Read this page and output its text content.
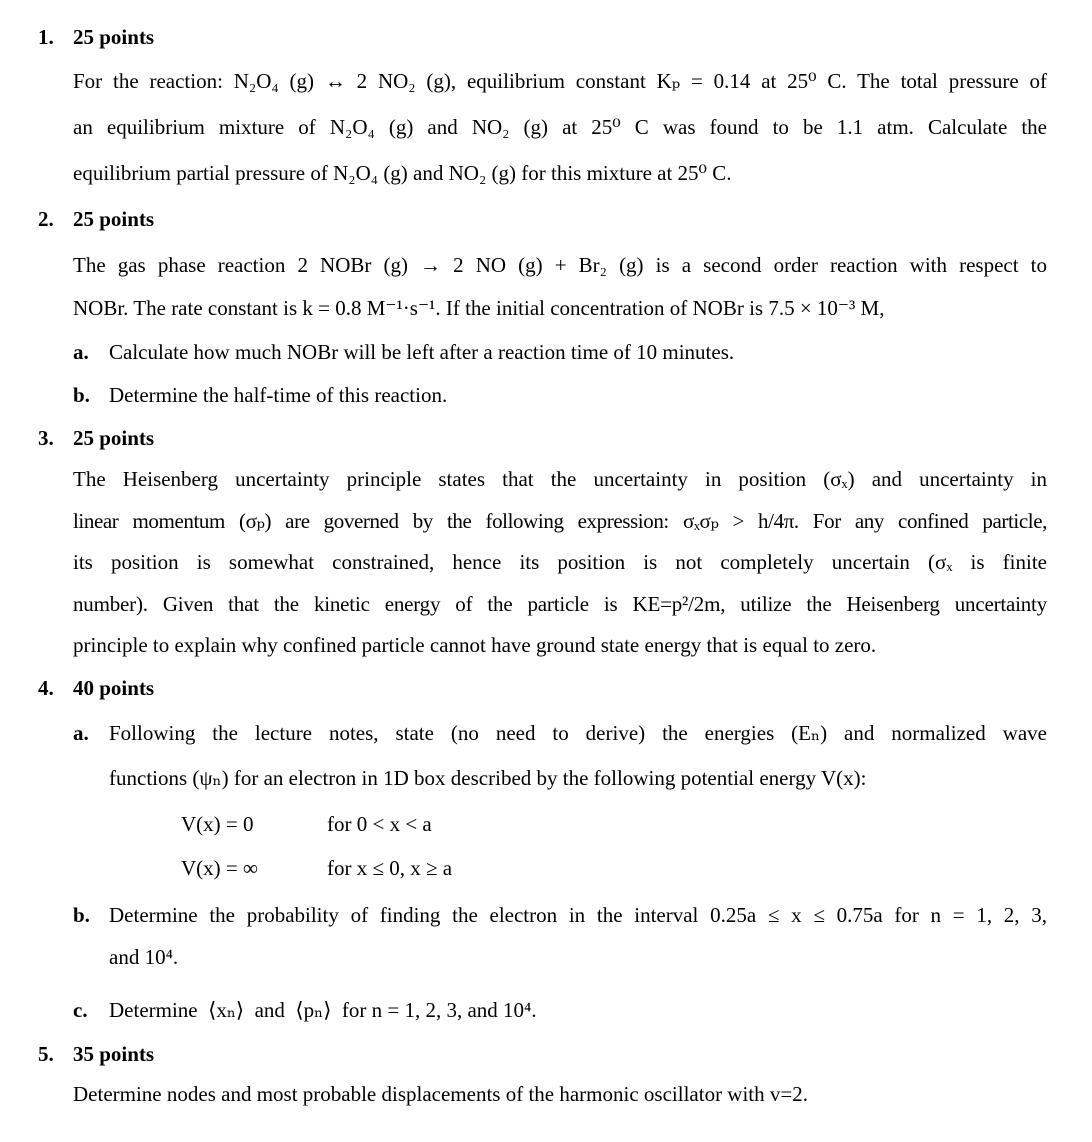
1. 25 points
For the reaction: N₂O₄ (g) ↔ 2 NO₂ (g), equilibrium constant Kₚ = 0.14 at 25⁰ C. The total pressure of
an equilibrium mixture of N₂O₄ (g) and NO₂ (g) at 25⁰ C was found to be 1.1 atm. Calculate the
equilibrium partial pressure of N₂O₄ (g) and NO₂ (g) for this mixture at 25⁰ C.
2. 25 points
The gas phase reaction 2 NOBr (g) → 2 NO (g) + Br₂ (g) is a second order reaction with respect to
NOBr. The rate constant is k = 0.8 M⁻¹·s⁻¹. If the initial concentration of NOBr is 7.5 × 10⁻³ M,
a. Calculate how much NOBr will be left after a reaction time of 10 minutes.
b. Determine the half-time of this reaction.
3. 25 points
The Heisenberg uncertainty principle states that the uncertainty in position (σₓ) and uncertainty in
linear momentum (σₚ) are governed by the following expression: σₓσₚ > h/4π. For any confined particle,
its position is somewhat constrained, hence its position is not completely uncertain (σₓ is finite
number). Given that the kinetic energy of the particle is KE=p²/2m, utilize the Heisenberg uncertainty
principle to explain why confined particle cannot have ground state energy that is equal to zero.
4. 40 points
a. Following the lecture notes, state (no need to derive) the energies (Eₙ) and normalized wave
functions (ψₙ) for an electron in 1D box described by the following potential energy V(x):
V(x) = 0	for 0 < x < a
V(x) = ∞	for x ≤ 0, x ≥ a
b. Determine the probability of finding the electron in the interval 0.25a ≤ x ≤ 0.75a for n = 1, 2, 3,
and 10⁴.
c. Determine  ⟨xₙ⟩  and  ⟨pₙ⟩  for n = 1, 2, 3, and 10⁴.
5. 35 points
Determine nodes and most probable displacements of the harmonic oscillator with v=2.
